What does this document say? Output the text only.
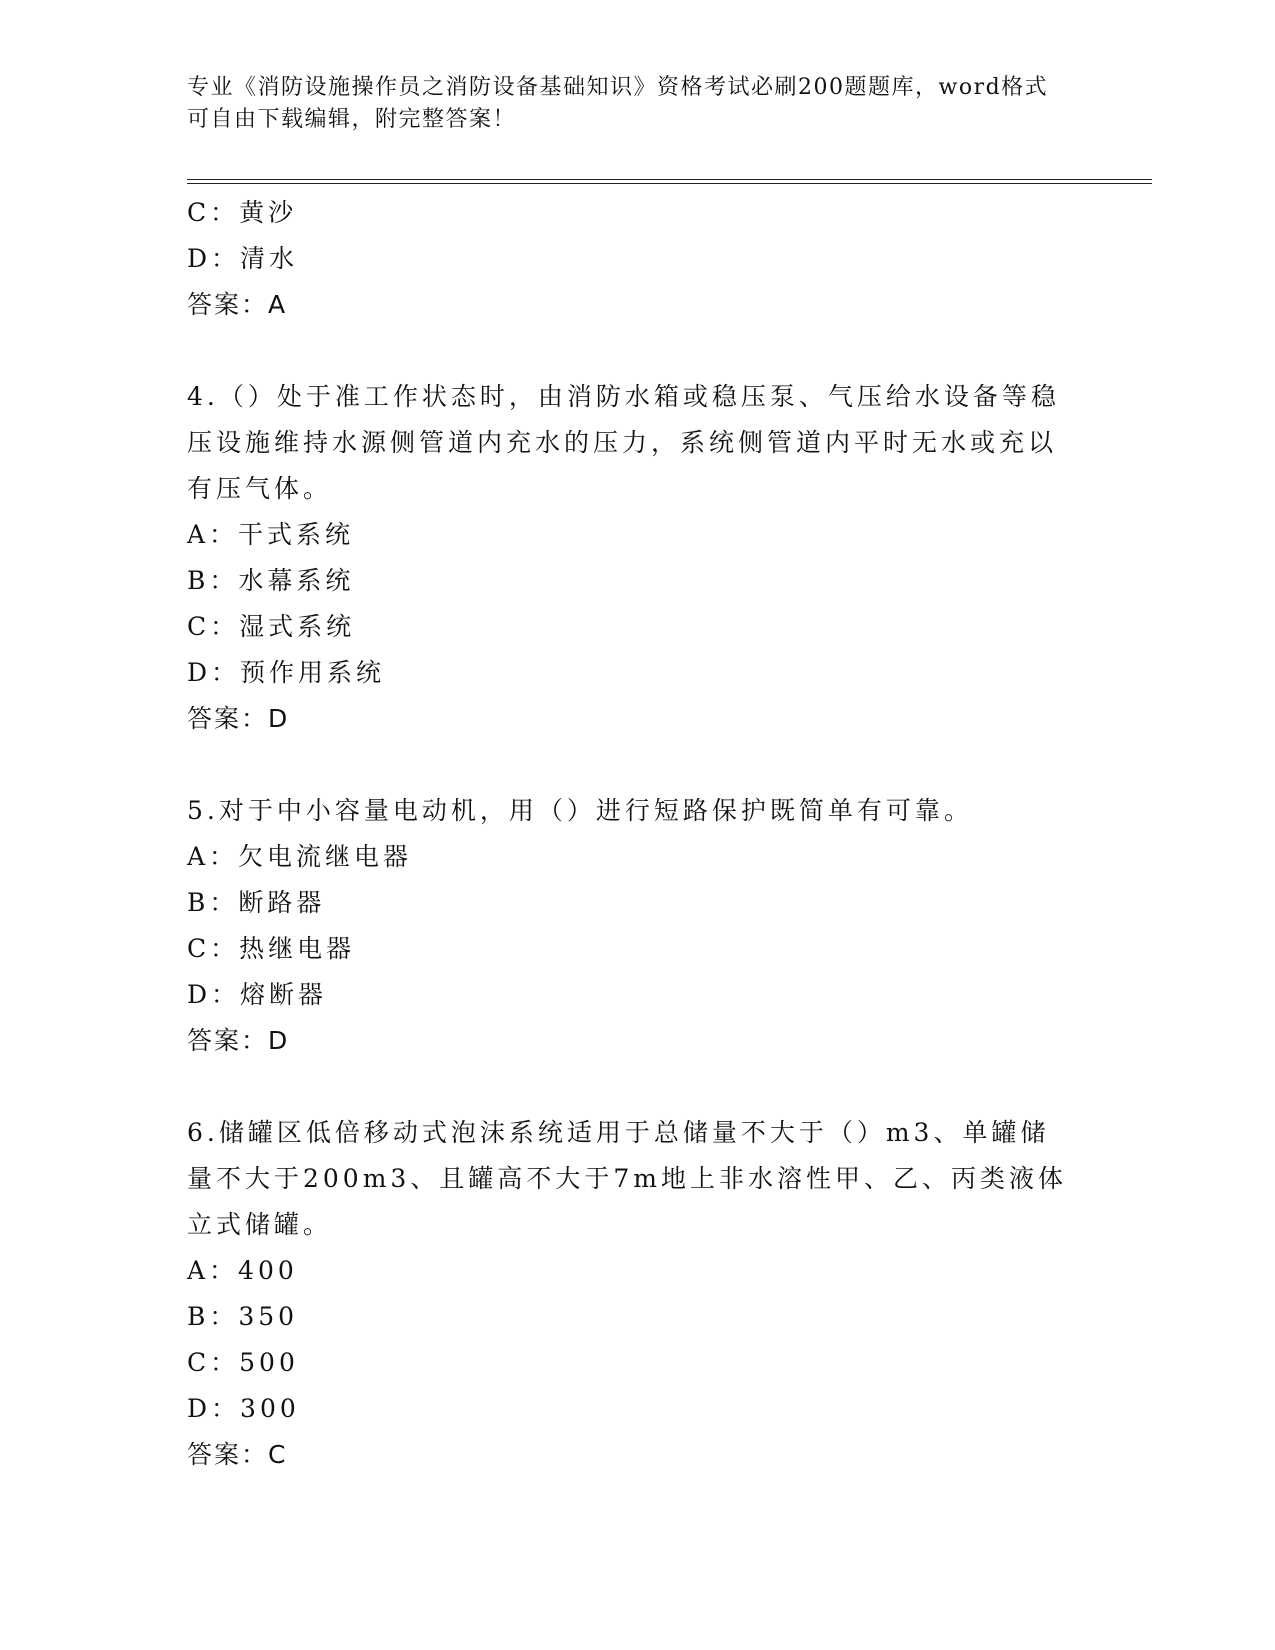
专业《消防设施操作员之消防设备基础知识》资格考试必刷200题题库，word格式可自由下载编辑，附完整答案！
C：黄沙
D：清水
答案：A
4.（）处于准工作状态时，由消防水箱或稳压泵、气压给水设备等稳压设施维持水源侧管道内充水的压力，系统侧管道内平时无水或充以有压气体。
A：干式系统
B：水幕系统
C：湿式系统
D：预作用系统
答案：D
5.对于中小容量电动机，用（）进行短路保护既简单有可靠。
A：欠电流继电器
B：断路器
C：热继电器
D：熔断器
答案：D
6.储罐区低倍移动式泡沫系统适用于总储量不大于（）m3、单罐储量不大于200m3、且罐高不大于7m地上非水溶性甲、乙、丙类液体立式储罐。
A：400
B：350
C：500
D：300
答案：C
